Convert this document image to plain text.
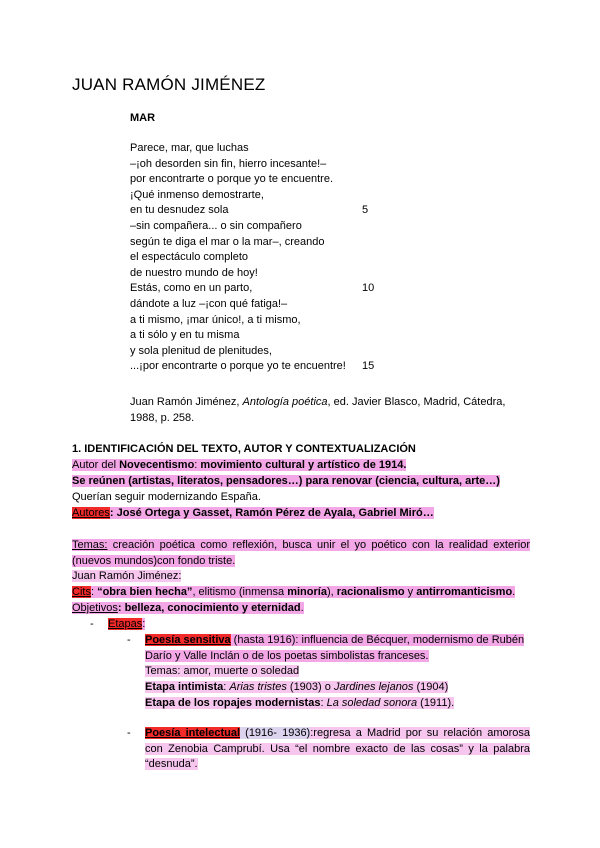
JUAN RAMÓN JIMÉNEZ
MAR
Parece, mar, que luchas
–¡oh desorden sin fin, hierro incesante!–
por encontrarte o porque yo te encuentre.
¡Qué inmenso demostrarte,
en tu desnudez sola	5
–sin compañera... o sin compañero
según te diga el mar o la mar–, creando
el espectáculo completo
de nuestro mundo de hoy!
Estás, como en un parto,	10
dándote a luz –¡con qué fatiga!–
a ti mismo, ¡mar único!, a ti mismo,
a ti sólo y en tu misma
y sola plenitud de plenitudes,
...¡por encontrarte o porque yo te encuentre! 15
Juan Ramón Jiménez, Antología poética, ed. Javier Blasco, Madrid, Cátedra, 1988, p. 258.
1. IDENTIFICACIÓN DEL TEXTO, AUTOR Y CONTEXTUALIZACIÓN
Autor del Novecentismo: movimiento cultural y artístico de 1914.
Se reúnen (artistas, literatos, pensadores…) para renovar (ciencia, cultura, arte…)
Querían seguir modernizando España.
Autores: José Ortega y Gasset, Ramón Pérez de Ayala, Gabriel Miró…
Temas: creación poética como reflexión, busca unir el yo poético con la realidad exterior (nuevos mundos)con fondo triste.
Juan Ramón Jiménez:
Cits: “obra bien hecha”, elitismo (inmensa minoría), racionalismo y antirromanticismo.
Objetivos: belleza, conocimiento y eternidad.
- Etapas:
- Poesía sensitiva (hasta 1916): influencia de Bécquer, modernismo de Rubén Darío y Valle Inclán o de los poetas simbolistas franceses.
Temas: amor, muerte o soledad
Etapa intimista: Arias tristes (1903) o Jardines lejanos (1904)
Etapa de los ropajes modernistas: La soledad sonora (1911).
- Poesía intelectual (1916- 1936):regresa a Madrid por su relación amorosa con Zenobia Camprubí. Usa “el nombre exacto de las cosas” y la palabra “desnuda”.
